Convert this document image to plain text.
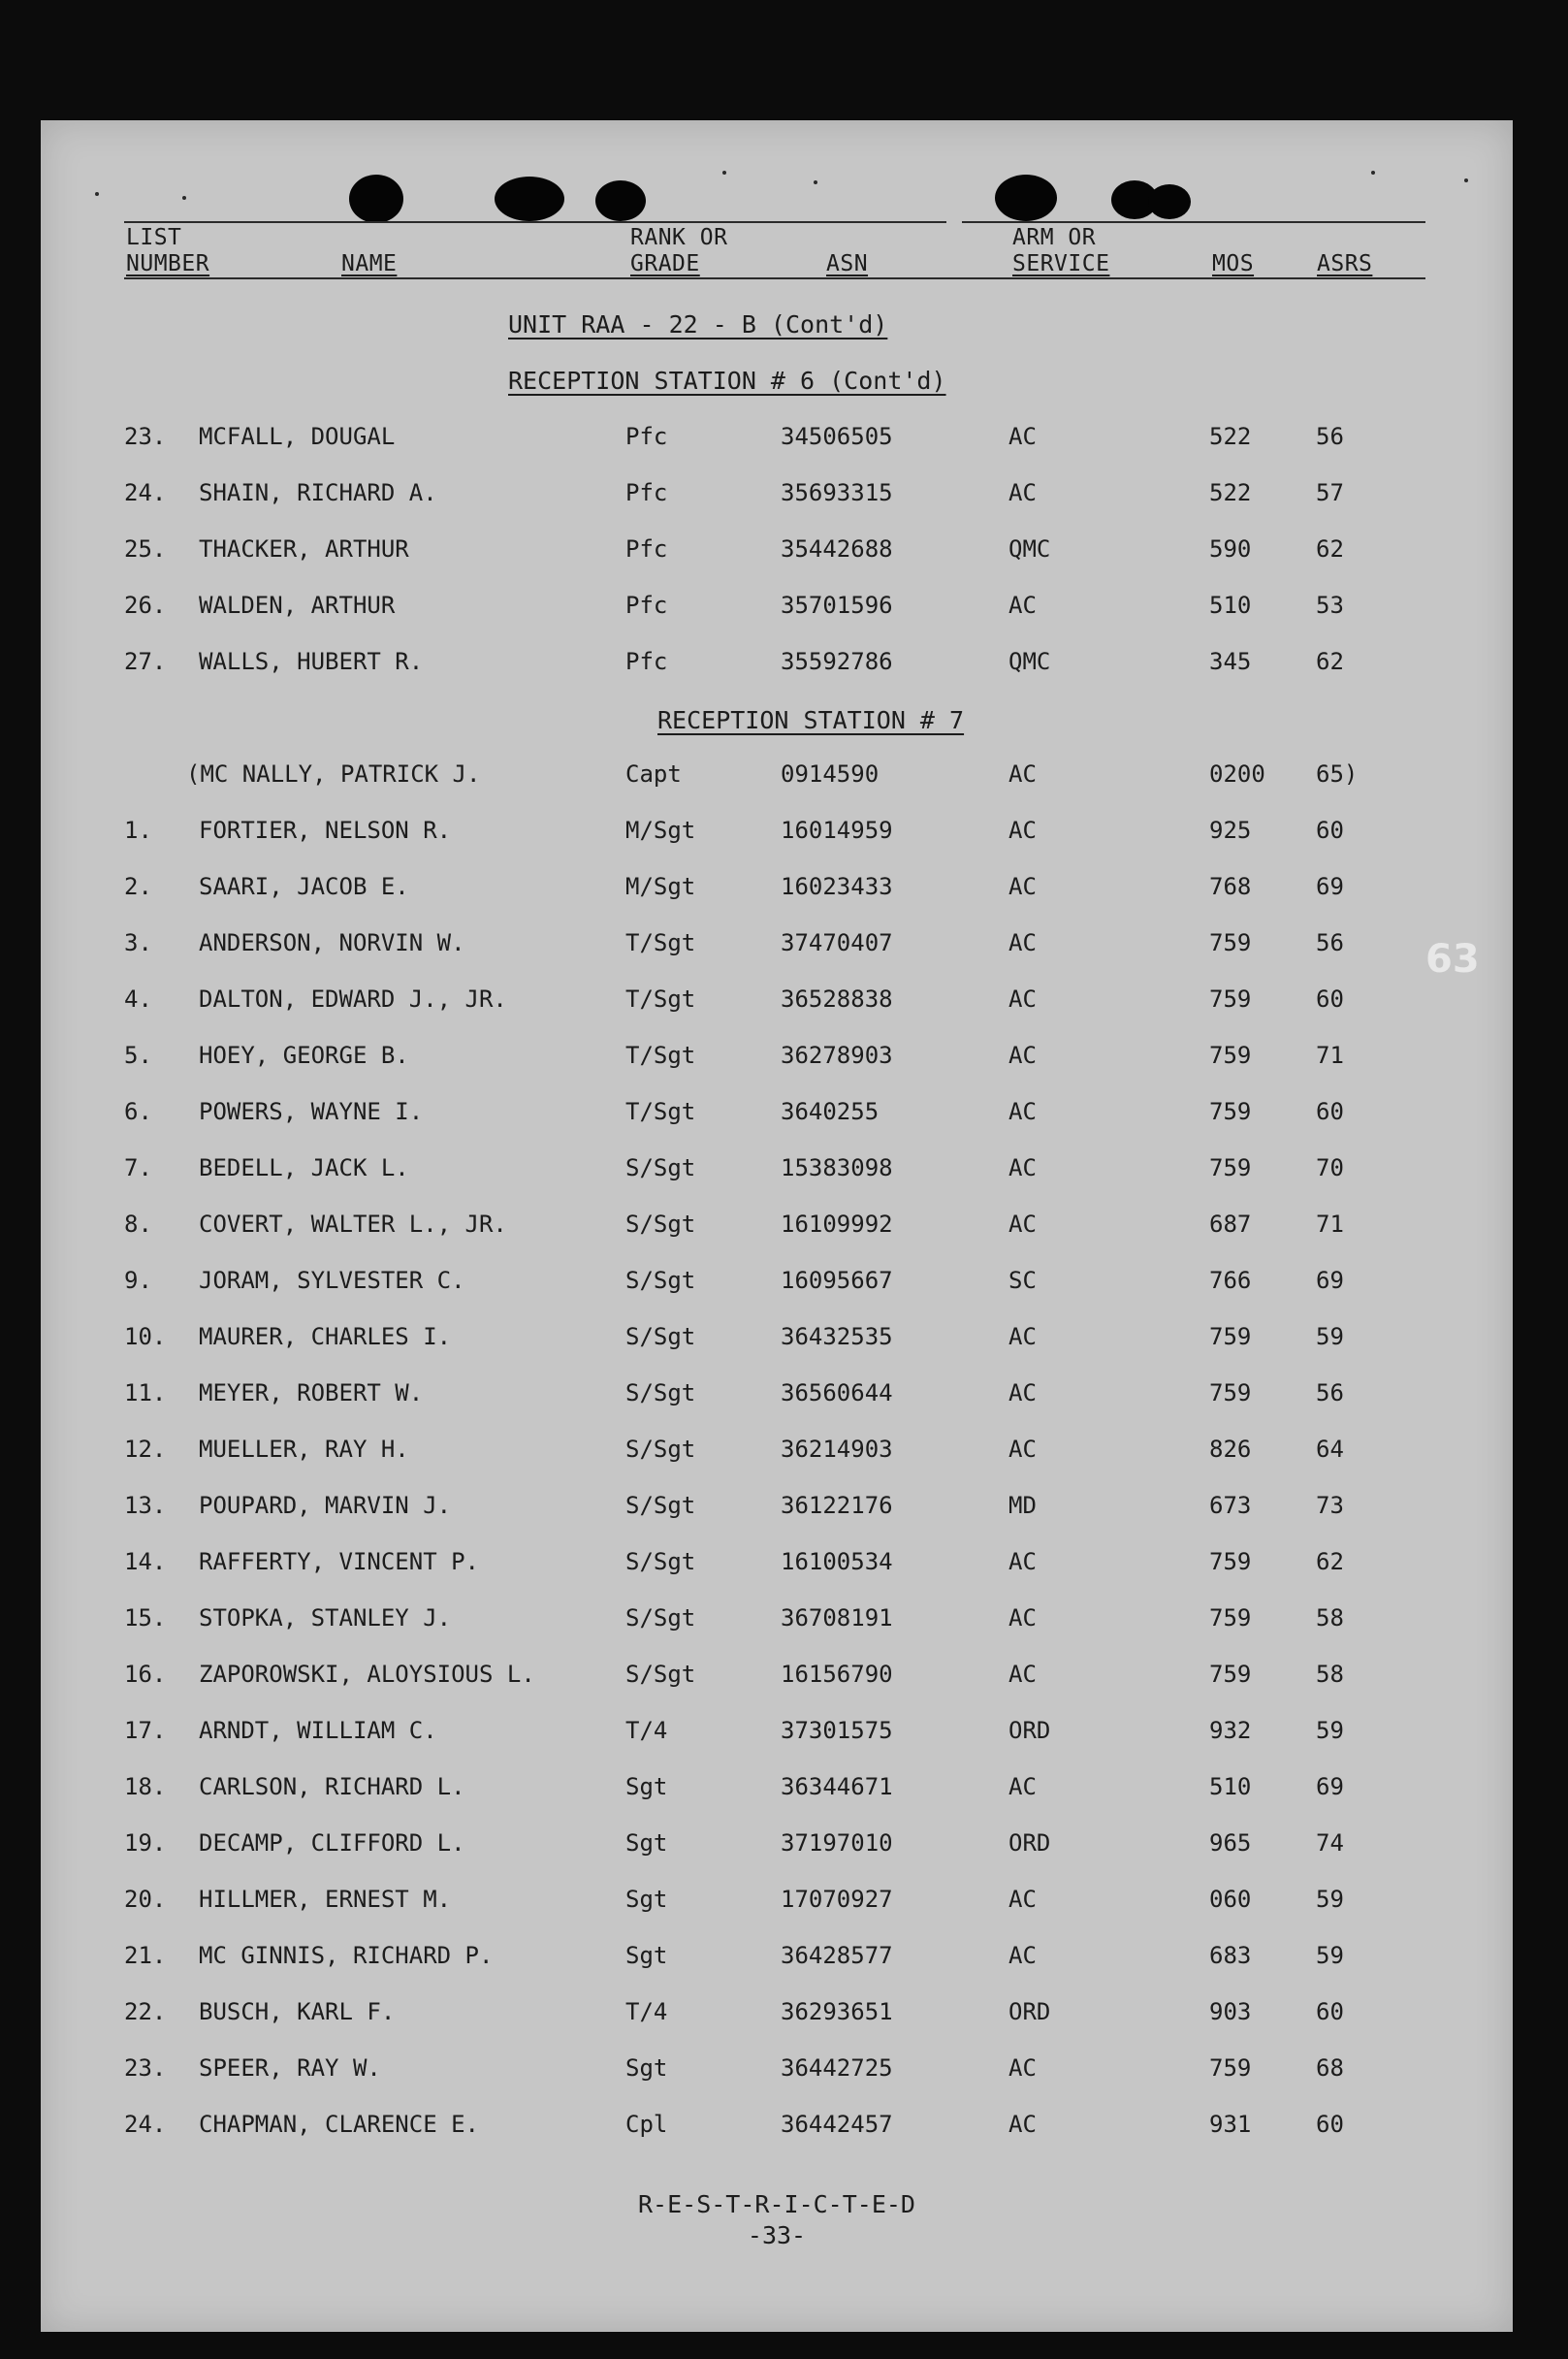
LIST
NUMBER	NAME
RANK OR
GRADE	ASN
ARM OR
SERVICE	MOS	ASRS
UNIT RAA - 22 - B (Cont'd)
RECEPTION STATION # 6 (Cont'd)
23. MCFALL, DOUGAL	Pfc	34506505	AC	522	56
24. SHAIN, RICHARD A.	Pfc	35693315	AC	522	57
25. THACKER, ARTHUR	Pfc	35442688	QMC	590	62
26. WALDEN, ARTHUR	Pfc	35701596	AC	510	53
27. WALLS, HUBERT R.	Pfc	35592786	QMC	345	62
RECEPTION STATION # 7
(MC NALLY, PATRICK J.	Capt	0914590	AC	0200 65)
1. FORTIER, NELSON R.	M/Sgt	16014959	AC	925	60
2. SAARI, JACOB E.	M/Sgt	16023433	AC	768	69
3. ANDERSON, NORVIN W.	T/Sgt	37470407	AC	759	56
4. DALTON, EDWARD J., JR.	T/Sgt	36528838	AC	759	60
5. HOEY, GEORGE B.	T/Sgt	36278903	AC	759	71
6. POWERS, WAYNE I.	T/Sgt	3640255	AC	759	60
7. BEDELL, JACK L.	S/Sgt	15383098	AC	759	70
8. COVERT, WALTER L., JR.	S/Sgt	16109992	AC	687	71
9. JORAM, SYLVESTER C.	S/Sgt	16095667	SC	766	69
10. MAURER, CHARLES I.	S/Sgt	36432535	AC	759	59
11. MEYER, ROBERT W.	S/Sgt	36560644	AC	759	56
12. MUELLER, RAY H.	S/Sgt	36214903	AC	826	64
13. POUPARD, MARVIN J.	S/Sgt	36122176	MD	673	73
14. RAFFERTY, VINCENT P.	S/Sgt	16100534	AC	759	62
15. STOPKA, STANLEY J.	S/Sgt	36708191	AC	759	58
16. ZAPOROWSKI, ALOYSIOUS L.	S/Sgt	16156790	AC	759	58
17. ARNDT, WILLIAM C.	T/4	37301575	ORD	932	59
18. CARLSON, RICHARD L.	Sgt	36344671	AC	510	69
19. DECAMP, CLIFFORD L.	Sgt	37197010	ORD	965	74
20. HILLMER, ERNEST M.	Sgt	17070927	AC	060	59
21. MC GINNIS, RICHARD P.	Sgt	36428577	AC	683	59
22. BUSCH, KARL F.	T/4	36293651	ORD	903	60
23. SPEER, RAY W.	Sgt	36442725	AC	759	68
24. CHAPMAN, CLARENCE E.	Cpl	36442457	AC	931	60
R-E-S-T-R-I-C-T-E-D
-33-
63
